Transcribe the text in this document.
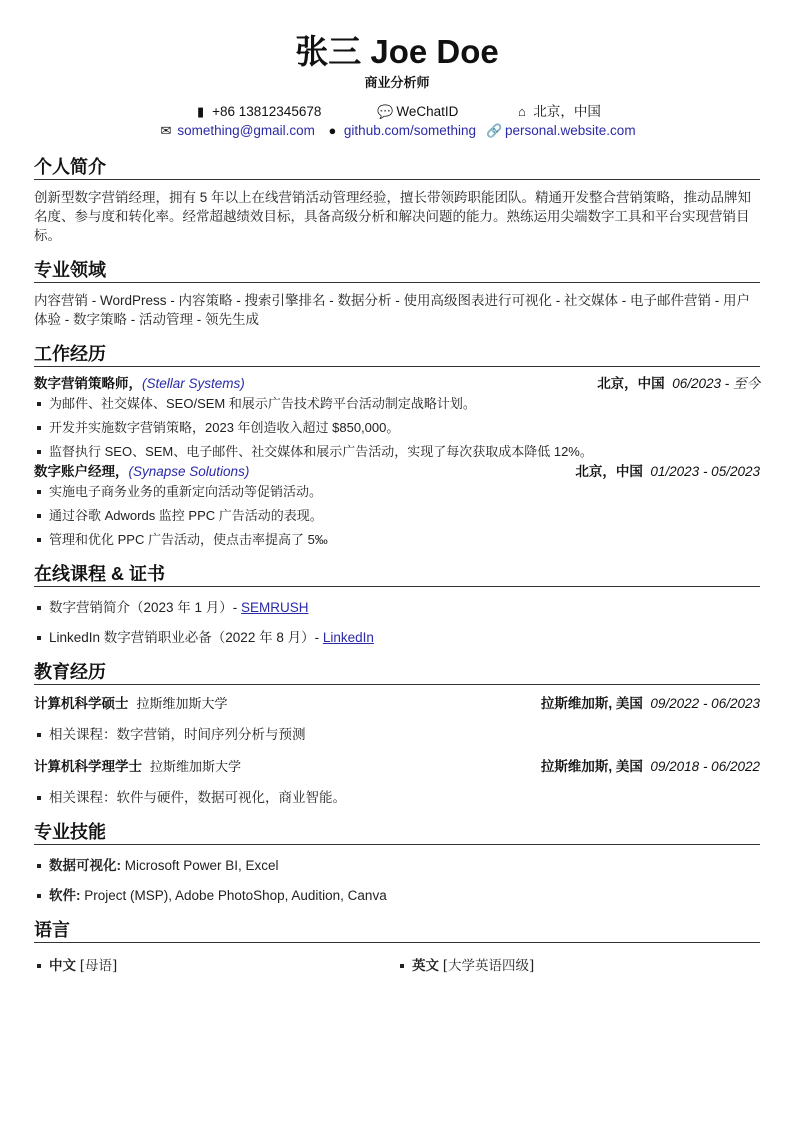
张三 Joe Doe
商业分析师
▮ +86 13812345678	💬 WeChatID	⌂ 北京，中国
✉ something@gmail.com ● github.com/something 🔗 personal.website.com
个人简介
创新型数字营销经理，拥有 5 年以上在线营销活动管理经验，擅长带领跨职能团队。精通开发整合营销策略，推动品牌知名度、参与度和转化率。经常超越绩效目标，具备高级分析和解决问题的能力。熟练运用尖端数字工具和平台实现营销目标。
专业领域
内容营销 - WordPress - 内容策略 - 搜索引擎排名 - 数据分析 - 使用高级图表进行可视化 - 社交媒体 - 电子邮件营销 - 用户体验 - 数字策略 - 活动管理 - 领先生成
工作经历
数字营销策略师，(Stellar Systems)	北京，中国 06/2023 - 至今
为邮件、社交媒体、SEO/SEM 和展示广告技术跨平台活动制定战略计划。
开发并实施数字营销策略，2023 年创造收入超过 $850,000。
监督执行 SEO、SEM、电子邮件、社交媒体和展示广告活动，实现了每次获取成本降低 12%。
数字账户经理，(Synapse Solutions)	北京，中国 01/2023 - 05/2023
实施电子商务业务的重新定向活动等促销活动。
通过谷歌 Adwords 监控 PPC 广告活动的表现。
管理和优化 PPC 广告活动，使点击率提高了 5‰
在线课程 & 证书
数字营销简介（2023 年 1 月）- SEMRUSH
LinkedIn 数字营销职业必备（2022 年 8 月）- LinkedIn
教育经历
计算机科学硕士 拉斯维加斯大学	拉斯维加斯, 美国 09/2022 - 06/2023
相关课程：数字营销，时间序列分析与预测
计算机科学理学士 拉斯维加斯大学	拉斯维加斯, 美国 09/2018 - 06/2022
相关课程：软件与硬件，数据可视化，商业智能。
专业技能
数据可视化: Microsoft Power BI, Excel
软件: Project (MSP), Adobe PhotoShop, Audition, Canva
语言
中文 [母语]	英文 [大学英语四级]
